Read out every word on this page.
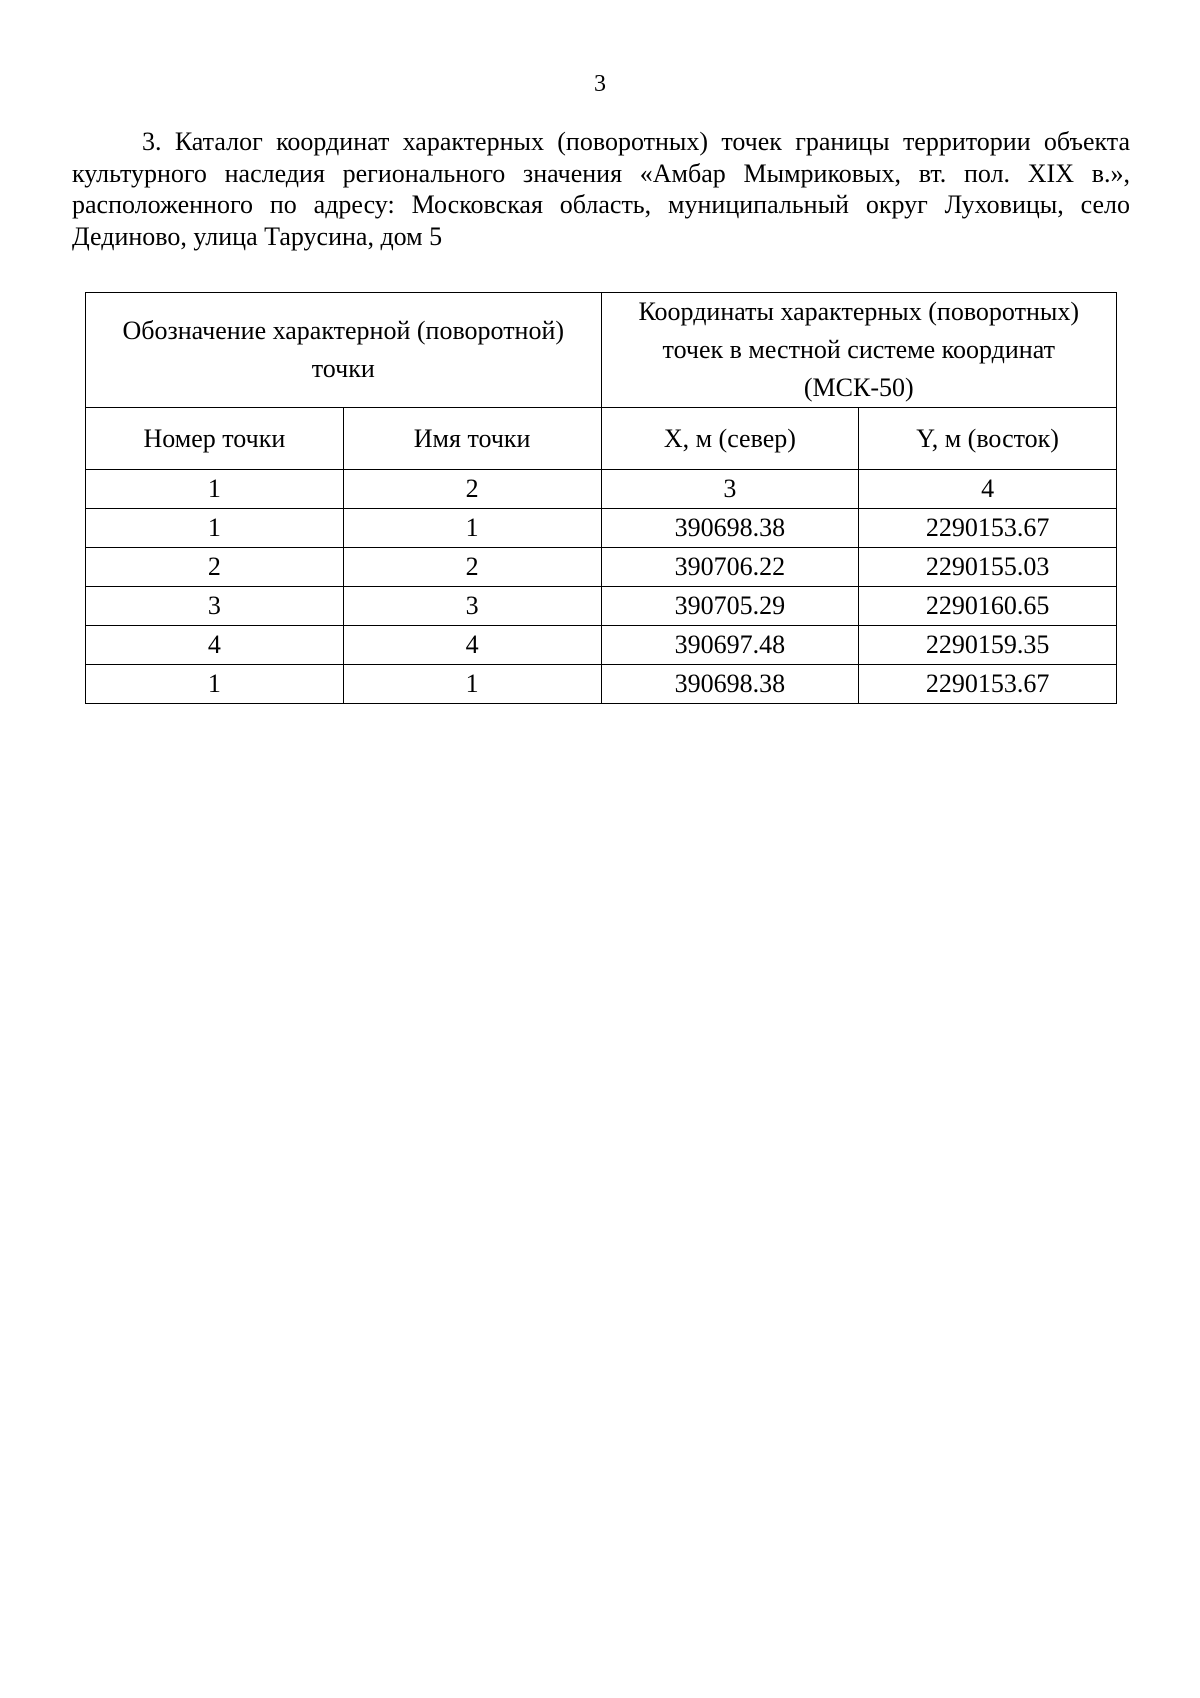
3

3. Каталог координат характерных (поворотных) точек границы территории объекта культурного наследия регионального значения «Амбар Мымриковых, вт. пол. XIX в.», расположенного по адресу: Московская область, муниципальный округ Луховицы, село Дединово, улица Тарусина, дом 5

Обозначение характерной (поворотной) точки		Координаты характерных (поворотных) точек в местной системе координат (МСК-50)	
Номер точки	Имя точки	X, м (север)	Y, м (восток)
1	2	3	4
1	1	390698.38	2290153.67
2	2	390706.22	2290155.03
3	3	390705.29	2290160.65
4	4	390697.48	2290159.35
1	1	390698.38	2290153.67
